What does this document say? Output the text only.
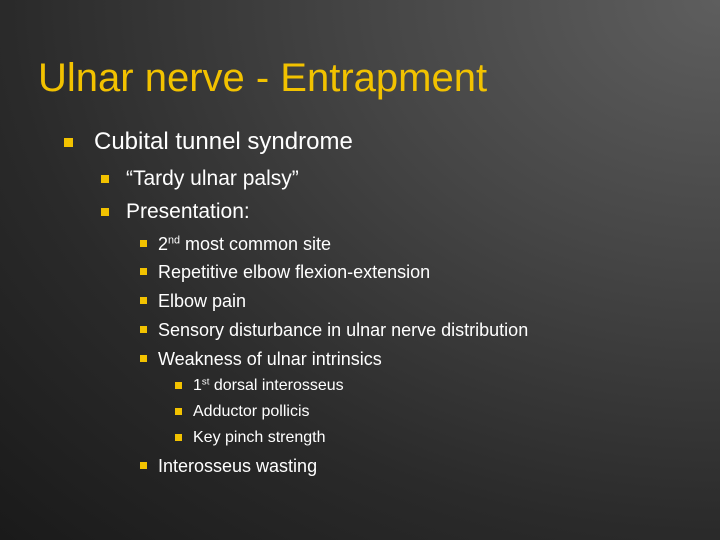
Ulnar nerve - Entrapment
Cubital tunnel syndrome
“Tardy ulnar palsy”
Presentation:
2nd most common site
Repetitive elbow flexion-extension
Elbow pain
Sensory disturbance in ulnar nerve distribution
Weakness of ulnar intrinsics
1st dorsal interosseus
Adductor pollicis
Key pinch strength
Interosseus wasting
